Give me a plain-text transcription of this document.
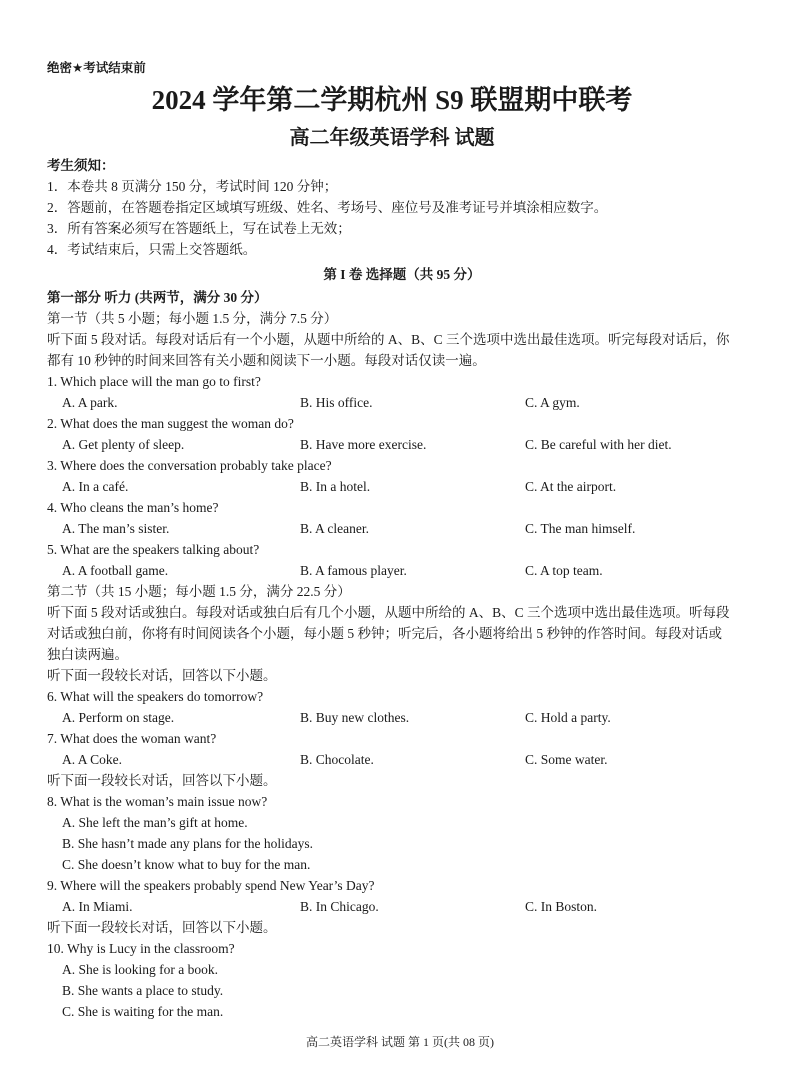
绝密★考试结束前
2024 学年第二学期杭州 S9 联盟期中联考
高二年级英语学科 试题
考生须知：
1．本卷共 8 页满分 150 分，考试时间 120 分钟；
2．答题前，在答题卷指定区域填写班级、姓名、考场号、座位号及准考证号并填涂相应数字。
3．所有答案必须写在答题纸上，写在试卷上无效；
4．考试结束后，只需上交答题纸。
第 I 卷 选择题（共 95 分）
第一部分 听力 (共两节，满分 30 分）
第一节（共 5 小题；每小题 1.5 分，满分 7.5 分）
听下面 5 段对话。每段对话后有一个小题，从题中所给的 A、B、C 三个选项中选出最佳选项。听完每段对话后，你
都有 10 秒钟的时间来回答有关小题和阅读下一小题。每段对话仅读一遍。
1. Which place will the man go to first?
A. A park.	B. His office.	C. A gym.
2. What does the man suggest the woman do?
A. Get plenty of sleep.	B. Have more exercise.	C. Be careful with her diet.
3. Where does the conversation probably take place?
A. In a café.	B. In a hotel.	C. At the airport.
4. Who cleans the man’s home?
A. The man’s sister.	B. A cleaner.	C. The man himself.
5. What are the speakers talking about?
A. A football game.	B. A famous player.	C. A top team.
第二节（共 15 小题；每小题 1.5 分，满分 22.5 分）
听下面 5 段对话或独白。每段对话或独白后有几个小题，从题中所给的 A、B、C 三个选项中选出最佳选项。听每段
对话或独白前，你将有时间阅读各个小题，每小题 5 秒钟；听完后，各小题将给出 5 秒钟的作答时间。每段对话或
独白读两遍。
听下面一段较长对话，回答以下小题。
6. What will the speakers do tomorrow?
A. Perform on stage.	B. Buy new clothes.	C. Hold a party.
7. What does the woman want?
A. A Coke.	B. Chocolate.	C. Some water.
听下面一段较长对话，回答以下小题。
8. What is the woman’s main issue now?
A. She left the man’s gift at home.
B. She hasn’t made any plans for the holidays.
C. She doesn’t know what to buy for the man.
9. Where will the speakers probably spend New Year’s Day?
A. In Miami.	B. In Chicago.	C. In Boston.
听下面一段较长对话，回答以下小题。
10. Why is Lucy in the classroom?
A. She is looking for a book.
B. She wants a place to study.
C. She is waiting for the man.
高二英语学科 试题 第 1 页(共 08 页)
